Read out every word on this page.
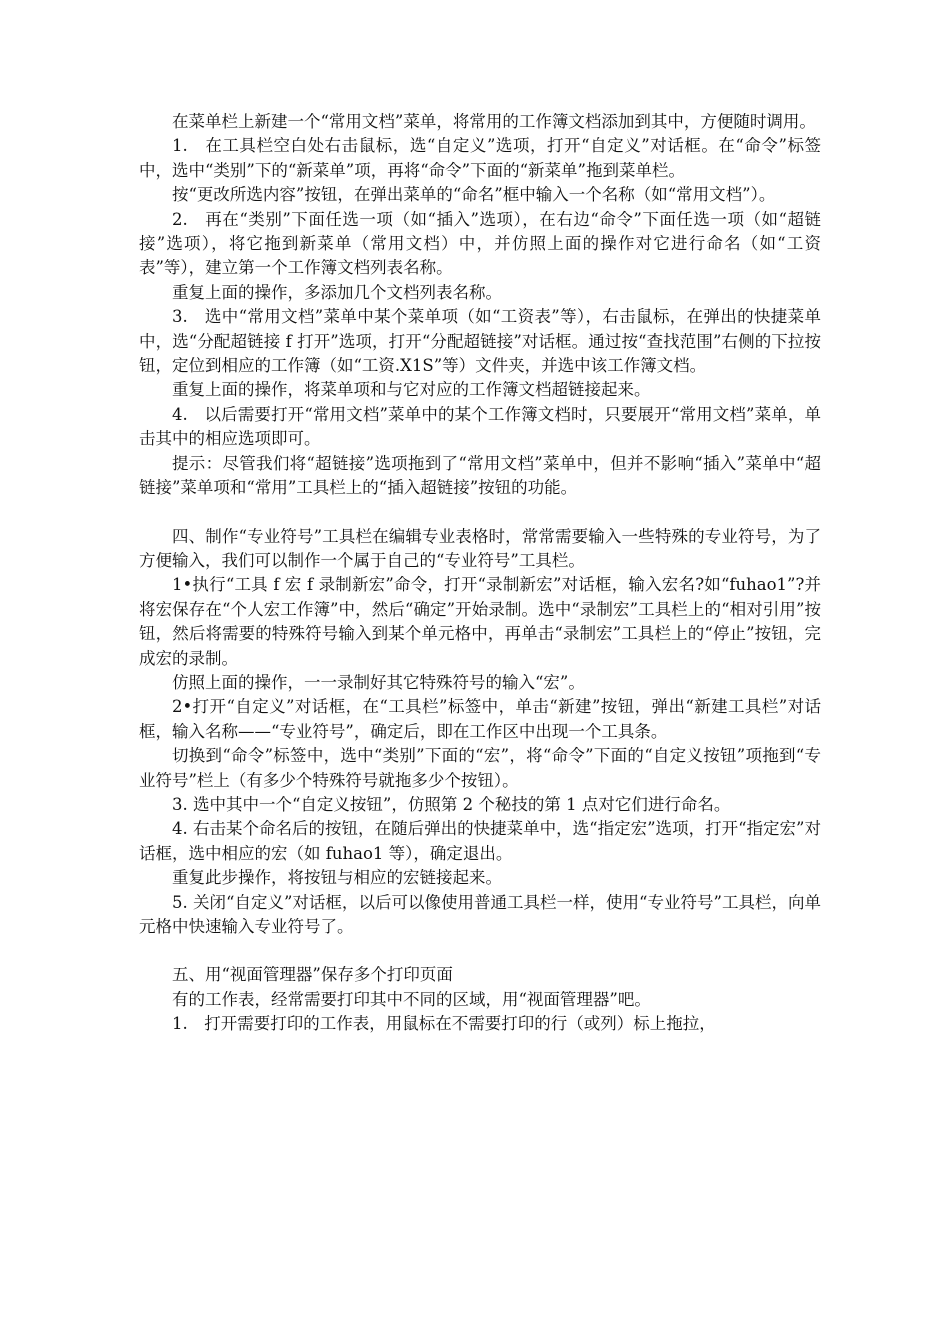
在菜单栏上新建一个“常用文档”菜单，将常用的工作簿文档添加到其中，方便随时调用。

1.　在工具栏空白处右击鼠标，选“自定义”选项，打开“自定义”对话框。在“命令”标签中，选中“类别”下的“新菜单”项，再将“命令”下面的“新菜单”拖到菜单栏。

按“更改所选内容”按钮，在弹出菜单的“命名”框中输入一个名称（如“常用文档”）。

2.　再在“类别”下面任选一项（如“插入”选项），在右边“命令”下面任选一项（如“超链接”选项），将它拖到新菜单（常用文档）中，并仿照上面的操作对它进行命名（如“工资表”等），建立第一个工作簿文档列表名称。

重复上面的操作，多添加几个文档列表名称。

3.　选中“常用文档”菜单中某个菜单项（如“工资表”等），右击鼠标，在弹出的快捷菜单中，选“分配超链接 f 打开”选项，打开“分配超链接”对话框。通过按“查找范围”右侧的下拉按钮，定位到相应的工作簿（如“工资.X1S”等）文件夹，并选中该工作簿文档。

重复上面的操作，将菜单项和与它对应的工作簿文档超链接起来。

4.　以后需要打开“常用文档”菜单中的某个工作簿文档时，只要展开“常用文档”菜单，单击其中的相应选项即可。

提示：尽管我们将“超链接”选项拖到了“常用文档”菜单中，但并不影响“插入”菜单中“超链接”菜单项和“常用”工具栏上的“插入超链接”按钮的功能。

四、制作“专业符号”工具栏在编辑专业表格时，常常需要输入一些特殊的专业符号，为了方便输入，我们可以制作一个属于自己的“专业符号”工具栏。

1•执行“工具 f 宏 f 录制新宏”命令，打开“录制新宏”对话框，输入宏名?如“fuhao1”?并将宏保存在“个人宏工作簿”中，然后“确定”开始录制。选中“录制宏”工具栏上的“相对引用”按钮，然后将需要的特殊符号输入到某个单元格中，再单击“录制宏”工具栏上的“停止”按钮，完成宏的录制。

仿照上面的操作，一一录制好其它特殊符号的输入“宏”。

2•打开“自定义”对话框，在“工具栏”标签中，单击“新建”按钮，弹出“新建工具栏”对话框，输入名称——“专业符号”，确定后，即在工作区中出现一个工具条。

切换到“命令”标签中，选中“类别”下面的“宏”，将“命令”下面的“自定义按钮”项拖到“专业符号”栏上（有多少个特殊符号就拖多少个按钮）。

3. 选中其中一个“自定义按钮”，仿照第 2 个秘技的第 1 点对它们进行命名。

4. 右击某个命名后的按钮，在随后弹出的快捷菜单中，选“指定宏”选项，打开“指定宏”对话框，选中相应的宏（如 fuhao1 等），确定退出。

重复此步操作，将按钮与相应的宏链接起来。

5. 关闭“自定义”对话框，以后可以像使用普通工具栏一样，使用“专业符号”工具栏，向单元格中快速输入专业符号了。

五、用“视面管理器”保存多个打印页面

有的工作表，经常需要打印其中不同的区域，用“视面管理器”吧。

1.　打开需要打印的工作表，用鼠标在不需要打印的行（或列）标上拖拉，
